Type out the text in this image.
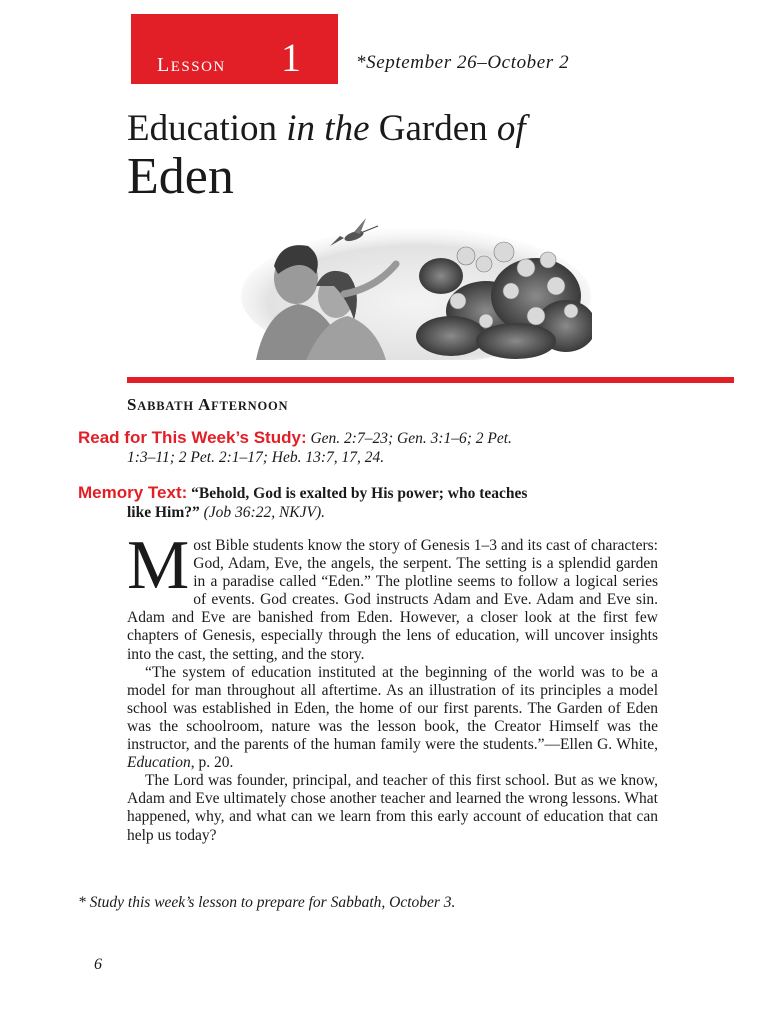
LESSON 1	*September 26–October 2
Education in the Garden of
Eden
SABBATH AFTERNOON
Read for This Week’s Study: Gen. 2:7–23; Gen. 3:1–6; 2 Pet.
1:3–11; 2 Pet. 2:1–17; Heb. 13:7, 17, 24.
Memory Text: “Behold, God is exalted by His power; who teaches
like Him?” (Job 36:22, NKJV).

Most Bible students know the story of Genesis 1–3 and its cast of characters: God, Adam, Eve, the angels, the serpent. The setting is a splendid garden in a paradise called “Eden.” The plotline seems to follow a logical series of events. God creates. God instructs Adam and Eve. Adam and Eve sin. Adam and Eve are banished from Eden. However, a closer look at the first few chapters of Genesis, especially through the lens of education, will uncover insights into the cast, the setting, and the story.

“The system of education instituted at the beginning of the world was to be a model for man throughout all aftertime. As an illustration of its principles a model school was established in Eden, the home of our first parents. The Garden of Eden was the schoolroom, nature was the lesson book, the Creator Himself was the instructor, and the parents of the human family were the students.”—Ellen G. White, Education, p. 20.

The Lord was founder, principal, and teacher of this first school. But as we know, Adam and Eve ultimately chose another teacher and learned the wrong lessons. What happened, why, and what can we learn from this early account of education that can help us today?

* Study this week’s lesson to prepare for Sabbath, October 3.
6
